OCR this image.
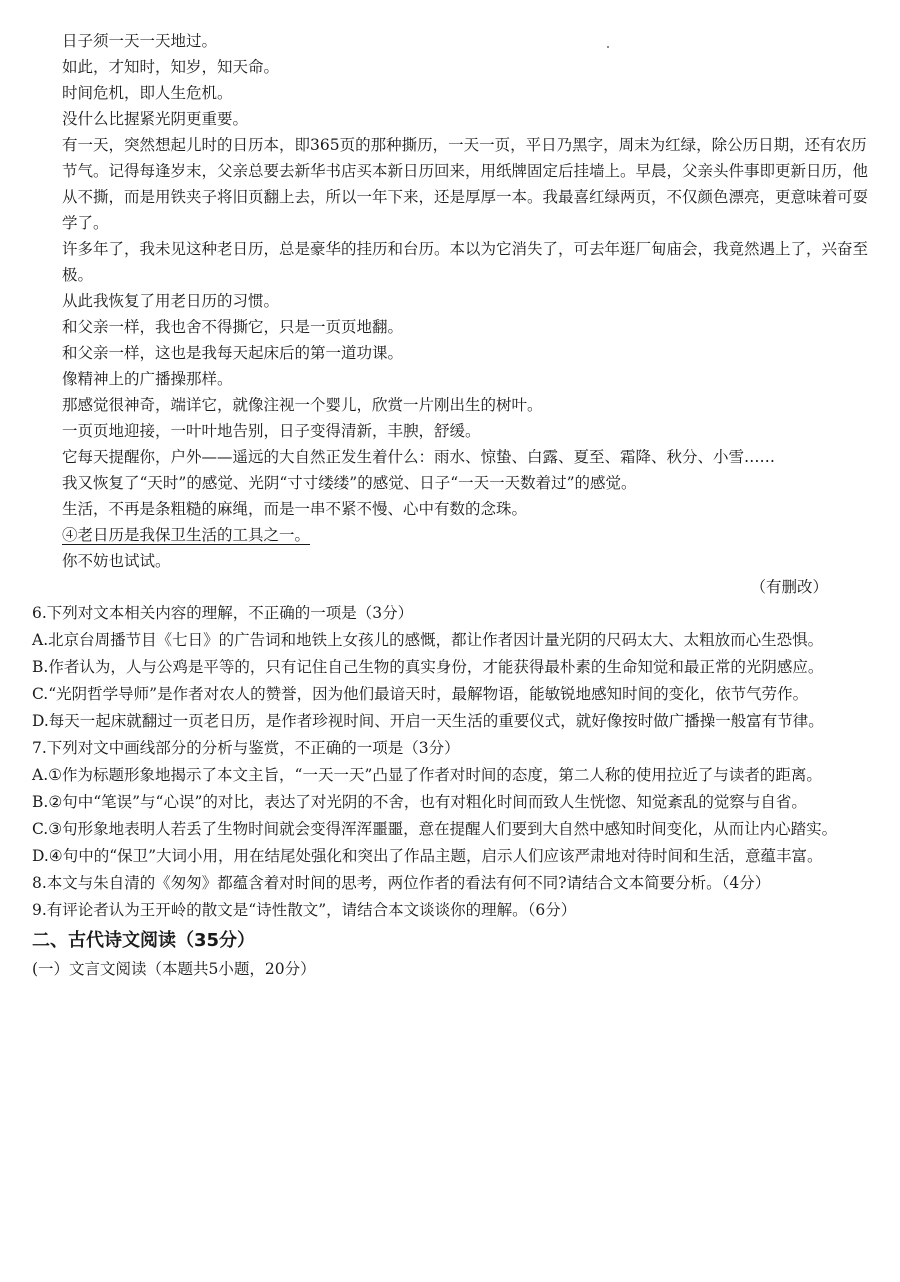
日子须一天一天地过。

如此，才知时，知岁，知天命。

时间危机，即人生危机。

没什么比握紧光阴更重要。

有一天，突然想起儿时的日历本，即365页的那种撕历，一天一页，平日乃黑字，周末为红绿，除公历日期，还有农历节气。记得每逢岁末，父亲总要去新华书店买本新日历回来，用纸牌固定后挂墙上。早晨，父亲头件事即更新日历，他从不撕，而是用铁夹子将旧页翻上去，所以一年下来，还是厚厚一本。我最喜红绿两页，不仅颜色漂亮，更意味着可耍学了。

许多年了，我未见这种老日历，总是豪华的挂历和台历。本以为它消失了，可去年逛厂甸庙会，我竟然遇上了，兴奋至极。

从此我恢复了用老日历的习惯。

和父亲一样，我也舍不得撕它，只是一页页地翻。

和父亲一样，这也是我每天起床后的第一道功课。

像精神上的广播操那样。

那感觉很神奇，端详它，就像注视一个婴儿，欣赏一片刚出生的树叶。

一页页地迎接，一叶叶地告别，日子变得清新，丰腴，舒缓。

它每天提醒你，户外——遥远的大自然正发生着什么：雨水、惊蛰、白露、夏至、霜降、秋分、小雪……

我又恢复了“天时”的感觉、光阴“寸寸缕缕”的感觉、日子“一天一天数着过”的感觉。

生活，不再是条粗糙的麻绳，而是一串不紧不慢、心中有数的念珠。

④老日历是我保卫生活的工具之一。

你不妨也试试。

（有删改）

6.下列对文本相关内容的理解，不正确的一项是（3分）

A.北京台周播节目《七日》的广告词和地铁上女孩儿的感慨，都让作者因计量光阴的尺码太大、太粗放而心生恐惧。

B.作者认为，人与公鸡是平等的，只有记住自己生物的真实身份，才能获得最朴素的生命知觉和最正常的光阴感应。

C.“光阴哲学导师”是作者对农人的赞誉，因为他们最谙天时，最解物语，能敏锐地感知时间的变化，依节气劳作。

D.每天一起床就翻过一页老日历，是作者珍视时间、开启一天生活的重要仪式，就好像按时做广播操一般富有节律。

7.下列对文中画线部分的分析与鉴赏，不正确的一项是（3分）

A.①作为标题形象地揭示了本文主旨，“一天一天”凸显了作者对时间的态度，第二人称的使用拉近了与读者的距离。

B.②句中“笔误”与“心误”的对比，表达了对光阴的不舍，也有对粗化时间而致人生恍惚、知觉紊乱的觉察与自省。

C.③句形象地表明人若丢了生物时间就会变得浑浑噩噩，意在提醒人们要到大自然中感知时间变化，从而让内心踏实。

D.④句中的“保卫”大词小用，用在结尾处强化和突出了作品主题，启示人们应该严肃地对待时间和生活，意蕴丰富。

8.本文与朱自清的《匆匆》都蕴含着对时间的思考，两位作者的看法有何不同?请结合文本简要分析。（4分）

9.有评论者认为王开岭的散文是“诗性散文”，请结合本文谈谈你的理解。（6分）

二、古代诗文阅读（35分）

(一）文言文阅读（本题共5小题，20分）
